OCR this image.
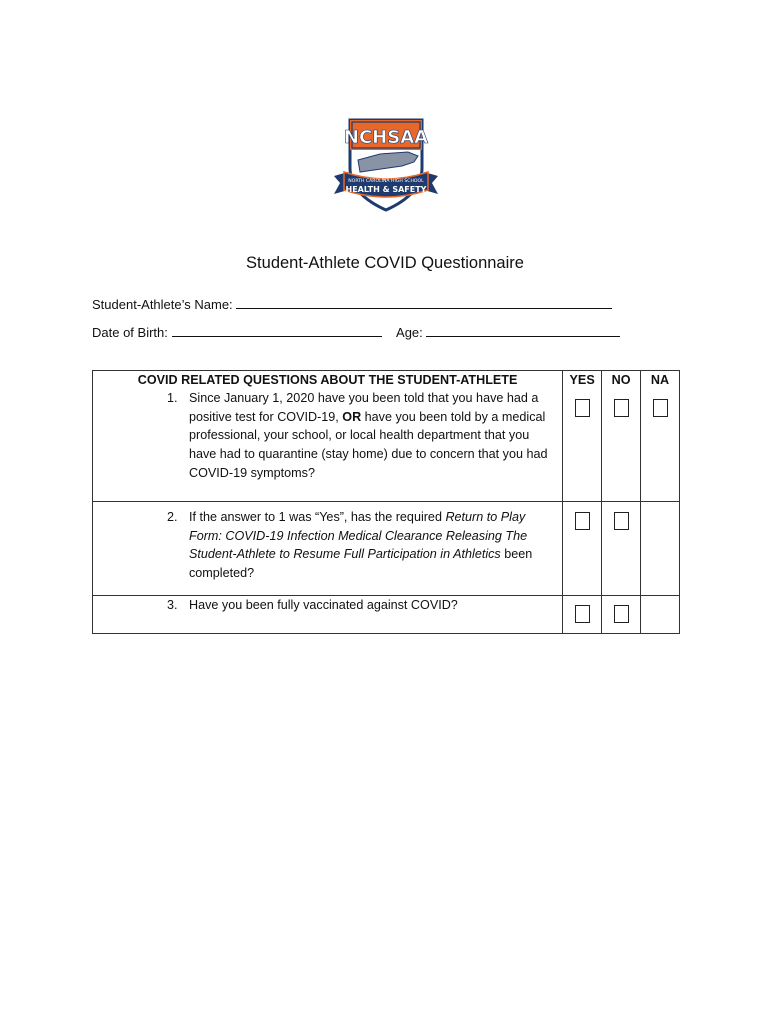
NCHSAA
NORTH CAROLINA HIGH SCHOOL
HEALTH & SAFETY
Student-Athlete COVID Questionnaire
Student-Athlete’s Name:
Date of Birth:	Age:
COVID RELATED QUESTIONS ABOUT THE STUDENT-ATHLETE	YES	NO	NA

1. Since January 1, 2020 have you been told that you have had a positive test for COVID-19, OR have you been told by a medical professional, your school, or local health department that you have had to quarantine (stay home) due to concern that you had COVID-19 symptoms?			

2. If the answer to 1 was “Yes”, has the required Return to Play Form: COVID-19 Infection Medical Clearance Releasing The Student-Athlete to Resume Full Participation in Athletics been completed?			

3. Have you been fully vaccinated against COVID?			
